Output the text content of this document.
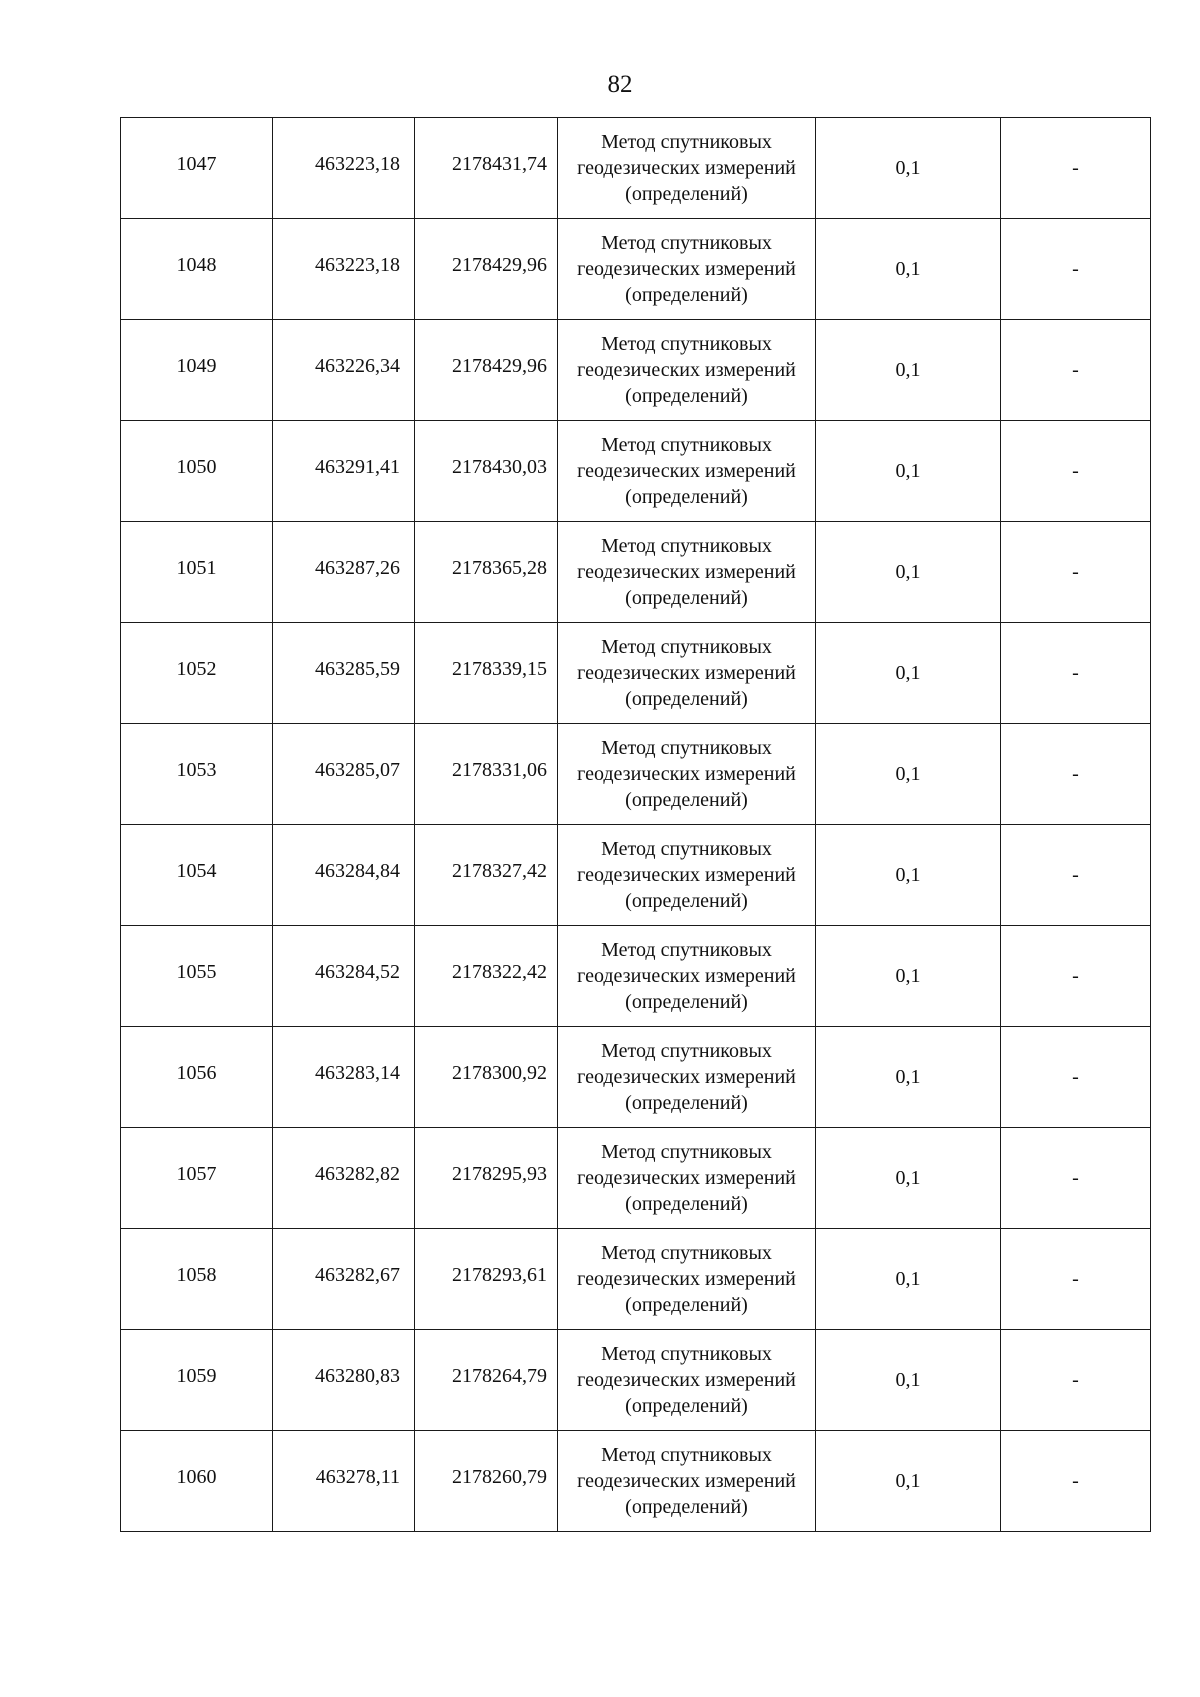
82
1047	463223,18	2178431,74	Метод спутниковых
геодезических измерений
(определений)	0,1	-
1048	463223,18	2178429,96	Метод спутниковых
геодезических измерений
(определений)	0,1	-
1049	463226,34	2178429,96	Метод спутниковых
геодезических измерений
(определений)	0,1	-
1050	463291,41	2178430,03	Метод спутниковых
геодезических измерений
(определений)	0,1	-
1051	463287,26	2178365,28	Метод спутниковых
геодезических измерений
(определений)	0,1	-
1052	463285,59	2178339,15	Метод спутниковых
геодезических измерений
(определений)	0,1	-
1053	463285,07	2178331,06	Метод спутниковых
геодезических измерений
(определений)	0,1	-
1054	463284,84	2178327,42	Метод спутниковых
геодезических измерений
(определений)	0,1	-
1055	463284,52	2178322,42	Метод спутниковых
геодезических измерений
(определений)	0,1	-
1056	463283,14	2178300,92	Метод спутниковых
геодезических измерений
(определений)	0,1	-
1057	463282,82	2178295,93	Метод спутниковых
геодезических измерений
(определений)	0,1	-
1058	463282,67	2178293,61	Метод спутниковых
геодезических измерений
(определений)	0,1	-
1059	463280,83	2178264,79	Метод спутниковых
геодезических измерений
(определений)	0,1	-
1060	463278,11	2178260,79	Метод спутниковых
геодезических измерений
(определений)	0,1	-
